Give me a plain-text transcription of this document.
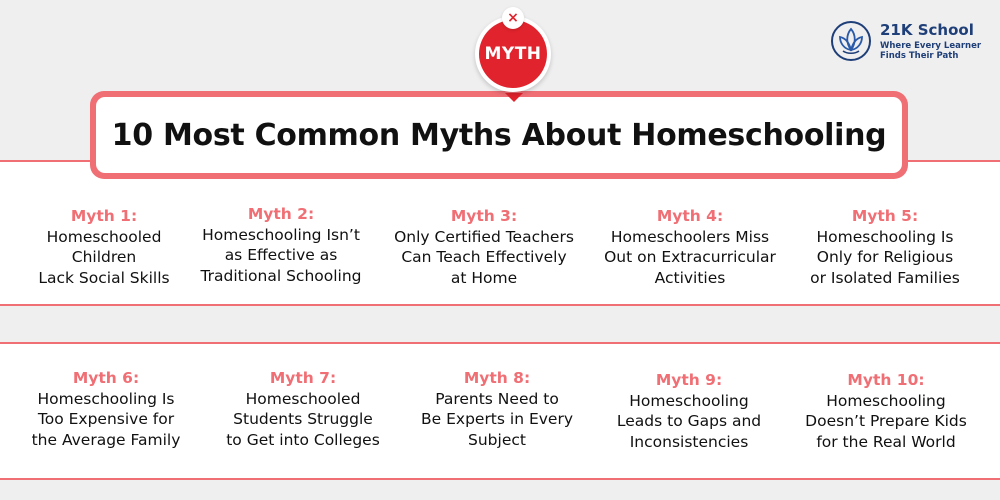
10 Most Common Myths About Homeschooling
MYTH
×
21K School
Where Every Learner
Finds Their Path
Myth 1:
Homeschooled
Children
Lack Social Skills
Myth 2:
Homeschooling Isn’t
as Effective as
Traditional Schooling
Myth 3:
Only Certified Teachers
Can Teach Effectively
at Home
Myth 4:
Homeschoolers Miss
Out on Extracurricular
Activities
Myth 5:
Homeschooling Is
Only for Religious
or Isolated Families
Myth 6:
Homeschooling Is
Too Expensive for
the Average Family
Myth 7:
Homeschooled
Students Struggle
to Get into Colleges
Myth 8:
Parents Need to
Be Experts in Every
Subject
Myth 9:
Homeschooling
Leads to Gaps and
Inconsistencies
Myth 10:
Homeschooling
Doesn’t Prepare Kids
for the Real World
